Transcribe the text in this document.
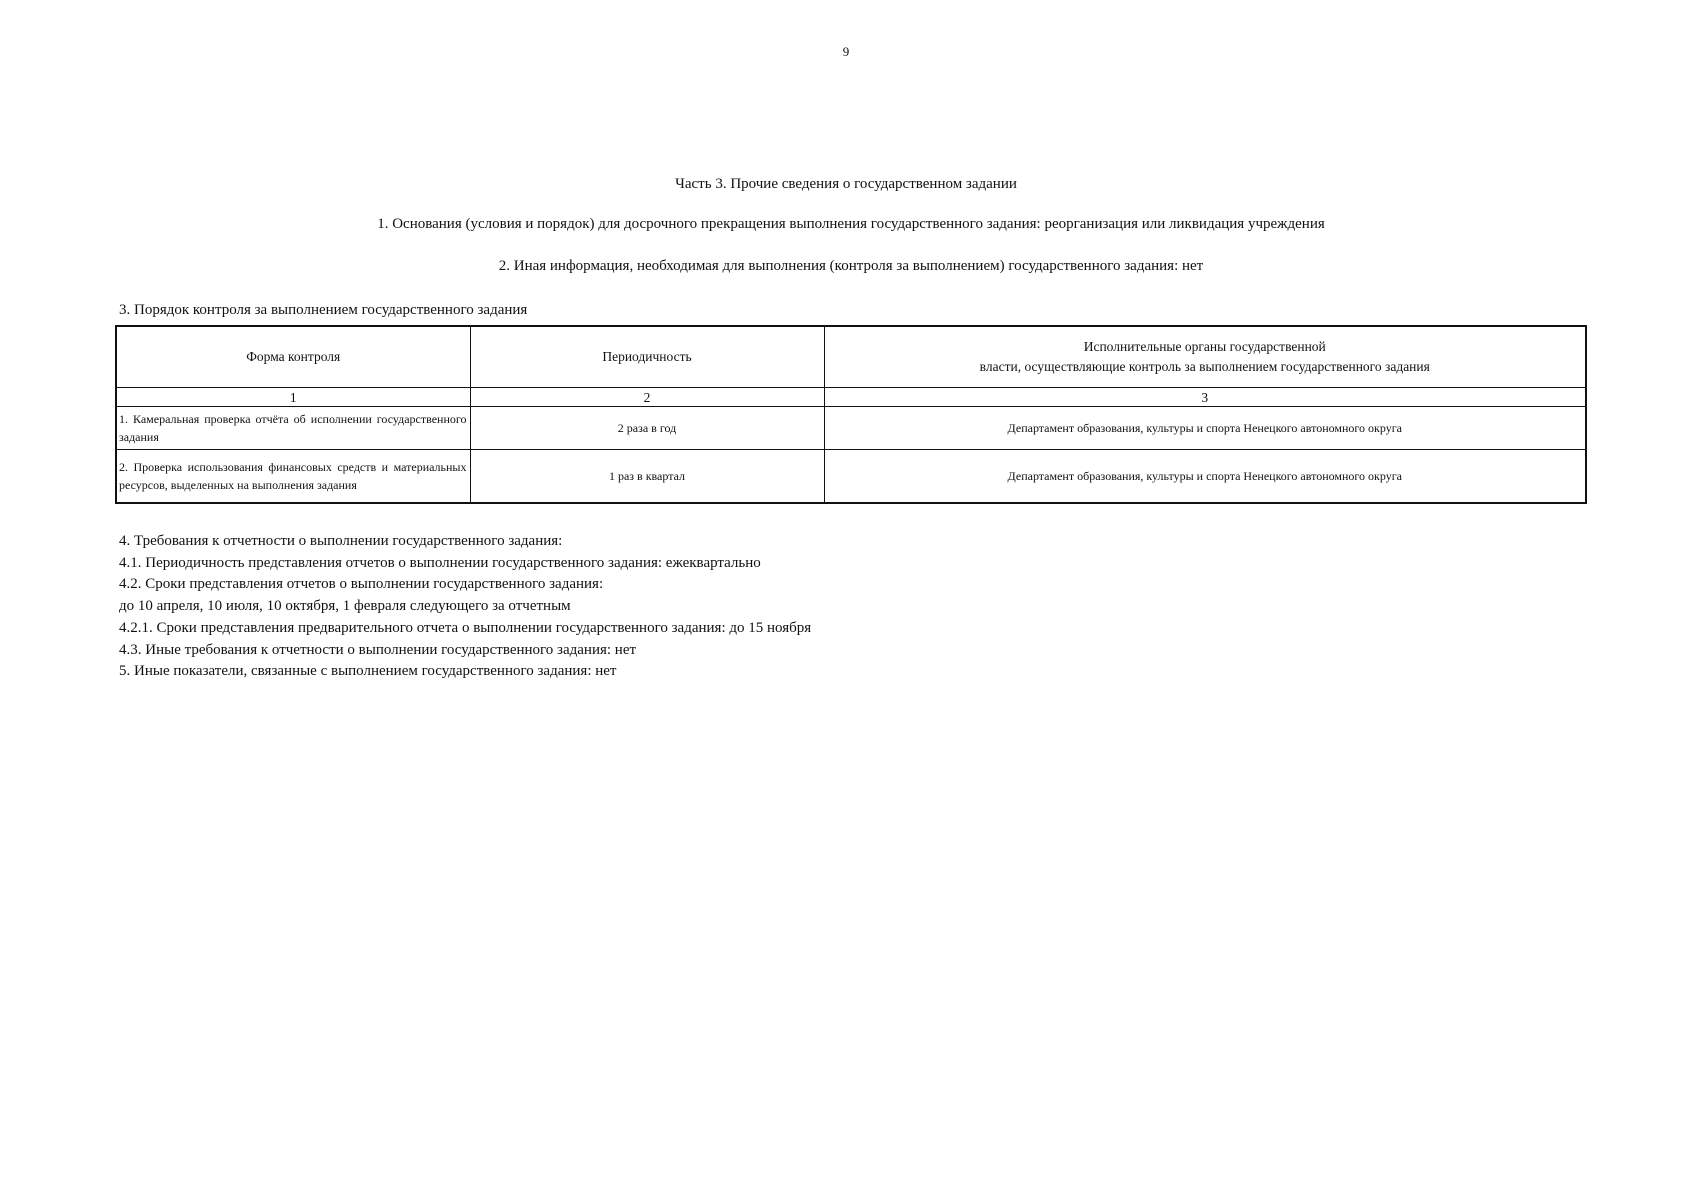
9
Часть 3. Прочие сведения о государственном задании
1. Основания (условия и порядок) для досрочного прекращения выполнения государственного задания: реорганизация или ликвидация учреждения
2. Иная информация, необходимая для выполнения (контроля за выполнением) государственного задания: нет
3. Порядок контроля за выполнением государственного задания
Форма контроля	Периодичность	Исполнительные органы государственной
власти, осуществляющие контроль за выполнением государственного задания

1	2	3
1. Камеральная проверка отчёта об исполнении государственного задания	2 раза в год	Департамент образования, культуры и спорта Ненецкого автономного округа
2. Проверка использования финансовых средств и материальных ресурсов, выделенных на выполнения задания	1 раз в квартал	Департамент образования, культуры и спорта Ненецкого автономного округа
4. Требования к отчетности о выполнении государственного задания:
4.1. Периодичность представления отчетов о выполнении государственного задания: ежеквартально
4.2. Сроки представления отчетов о выполнении государственного задания:
до 10 апреля, 10 июля, 10 октября, 1 февраля следующего за отчетным
4.2.1. Сроки представления предварительного отчета о выполнении государственного задания: до 15 ноября
4.3. Иные требования к отчетности о выполнении государственного задания: нет
5. Иные показатели, связанные с выполнением государственного задания: нет
